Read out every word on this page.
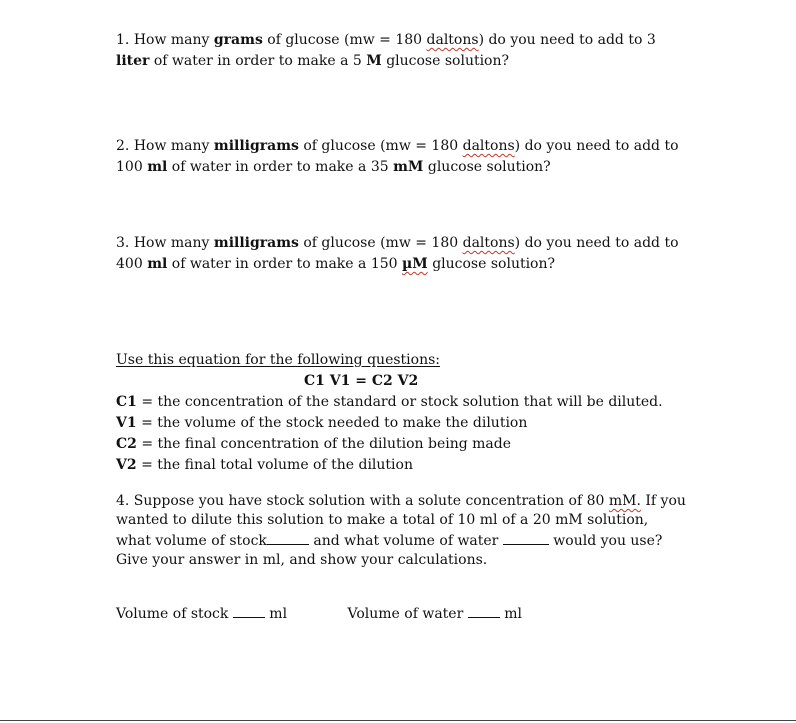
1. How many grams of glucose (mw = 180 daltons) do you need to add to 3 liter of water in order to make a 5 M glucose solution?
2. How many milligrams of glucose (mw = 180 daltons) do you need to add to 100 ml of water in order to make a 35 mM glucose solution?
3. How many milligrams of glucose (mw = 180 daltons) do you need to add to 400 ml of water in order to make a 150 µM glucose solution?
Use this equation for the following questions:
C1 V1 = C2 V2
C1 = the concentration of the standard or stock solution that will be diluted.
V1 = the volume of the stock needed to make the dilution
C2 = the final concentration of the dilution being made
V2 = the final total volume of the dilution
4. Suppose you have stock solution with a solute concentration of 80 mM. If you wanted to dilute this solution to make a total of 10 ml of a 20 mM solution, what volume of stock	and what volume of water	would you use? Give your answer in ml, and show your calculations.
Volume of stock	ml	Volume of water	ml
